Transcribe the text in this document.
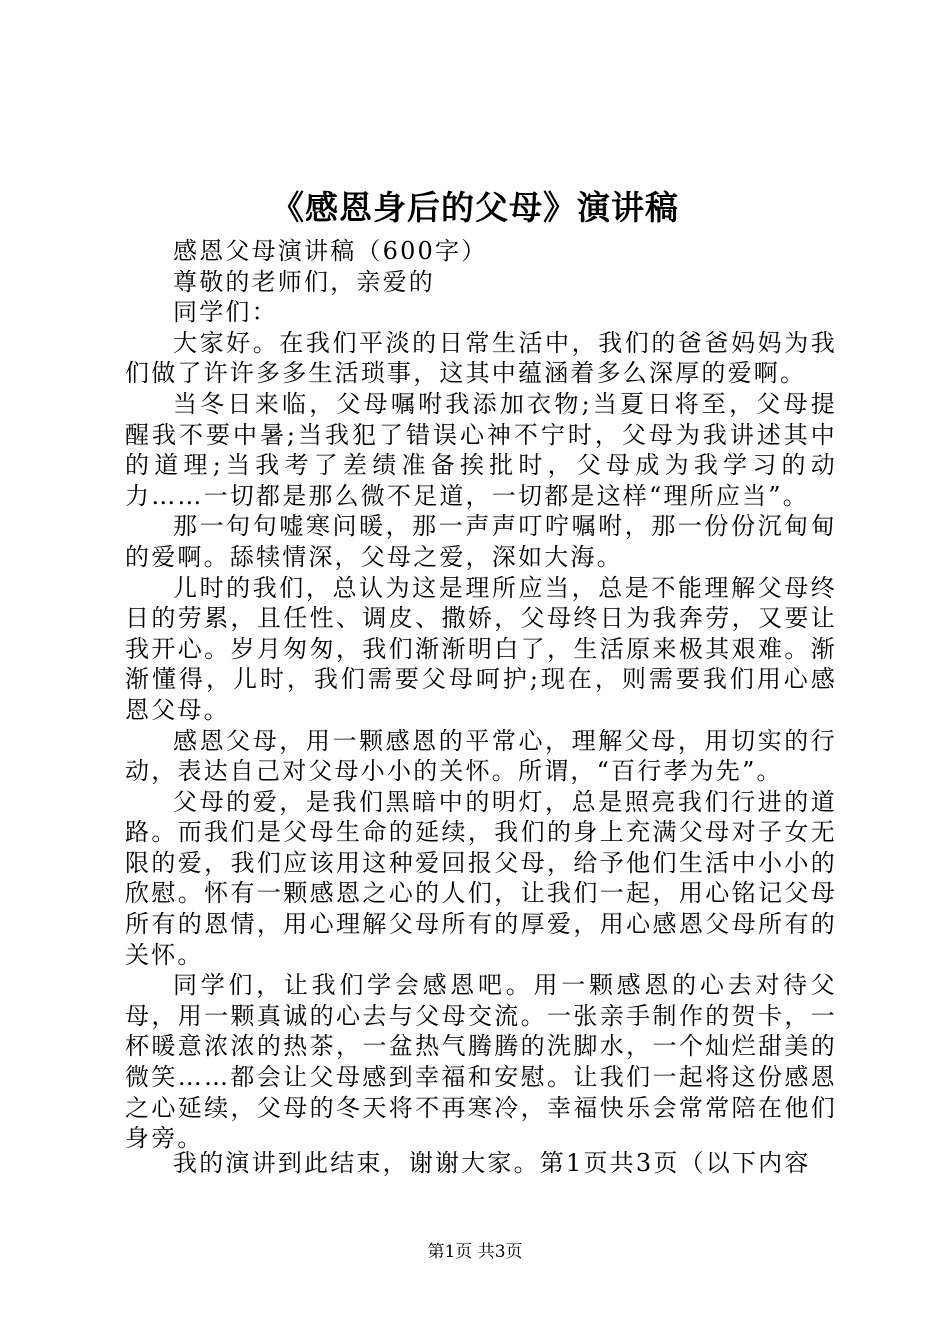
《感恩身后的父母》演讲稿

感恩父母演讲稿（600字）

尊敬的老师们，亲爱的

同学们：

大家好。在我们平淡的日常生活中，我们的爸爸妈妈为我们做了许许多多生活琐事，这其中蕴涵着多么深厚的爱啊。

当冬日来临，父母嘱咐我添加衣物;当夏日将至，父母提醒我不要中暑;当我犯了错误心神不宁时，父母为我讲述其中的道理;当我考了差绩准备挨批时，父母成为我学习的动力……一切都是那么微不足道，一切都是这样“理所应当”。

那一句句嘘寒问暖，那一声声叮咛嘱咐，那一份份沉甸甸的爱啊。舔犊情深，父母之爱，深如大海。

儿时的我们，总认为这是理所应当，总是不能理解父母终日的劳累，且任性、调皮、撒娇，父母终日为我奔劳，又要让我开心。岁月匆匆，我们渐渐明白了，生活原来极其艰难。渐渐懂得，儿时，我们需要父母呵护;现在，则需要我们用心感恩父母。

感恩父母，用一颗感恩的平常心，理解父母，用切实的行动，表达自己对父母小小的关怀。所谓，“百行孝为先”。

父母的爱，是我们黑暗中的明灯，总是照亮我们行进的道路。而我们是父母生命的延续，我们的身上充满父母对子女无限的爱，我们应该用这种爱回报父母，给予他们生活中小小的欣慰。怀有一颗感恩之心的人们，让我们一起，用心铭记父母所有的恩情，用心理解父母所有的厚爱，用心感恩父母所有的关怀。

同学们，让我们学会感恩吧。用一颗感恩的心去对待父母，用一颗真诚的心去与父母交流。一张亲手制作的贺卡，一杯暖意浓浓的热茶，一盆热气腾腾的洗脚水，一个灿烂甜美的微笑……都会让父母感到幸福和安慰。让我们一起将这份感恩之心延续，父母的冬天将不再寒冷，幸福快乐会常常陪在他们身旁。

我的演讲到此结束，谢谢大家。第1页共3页（以下内容

第1页 共3页
